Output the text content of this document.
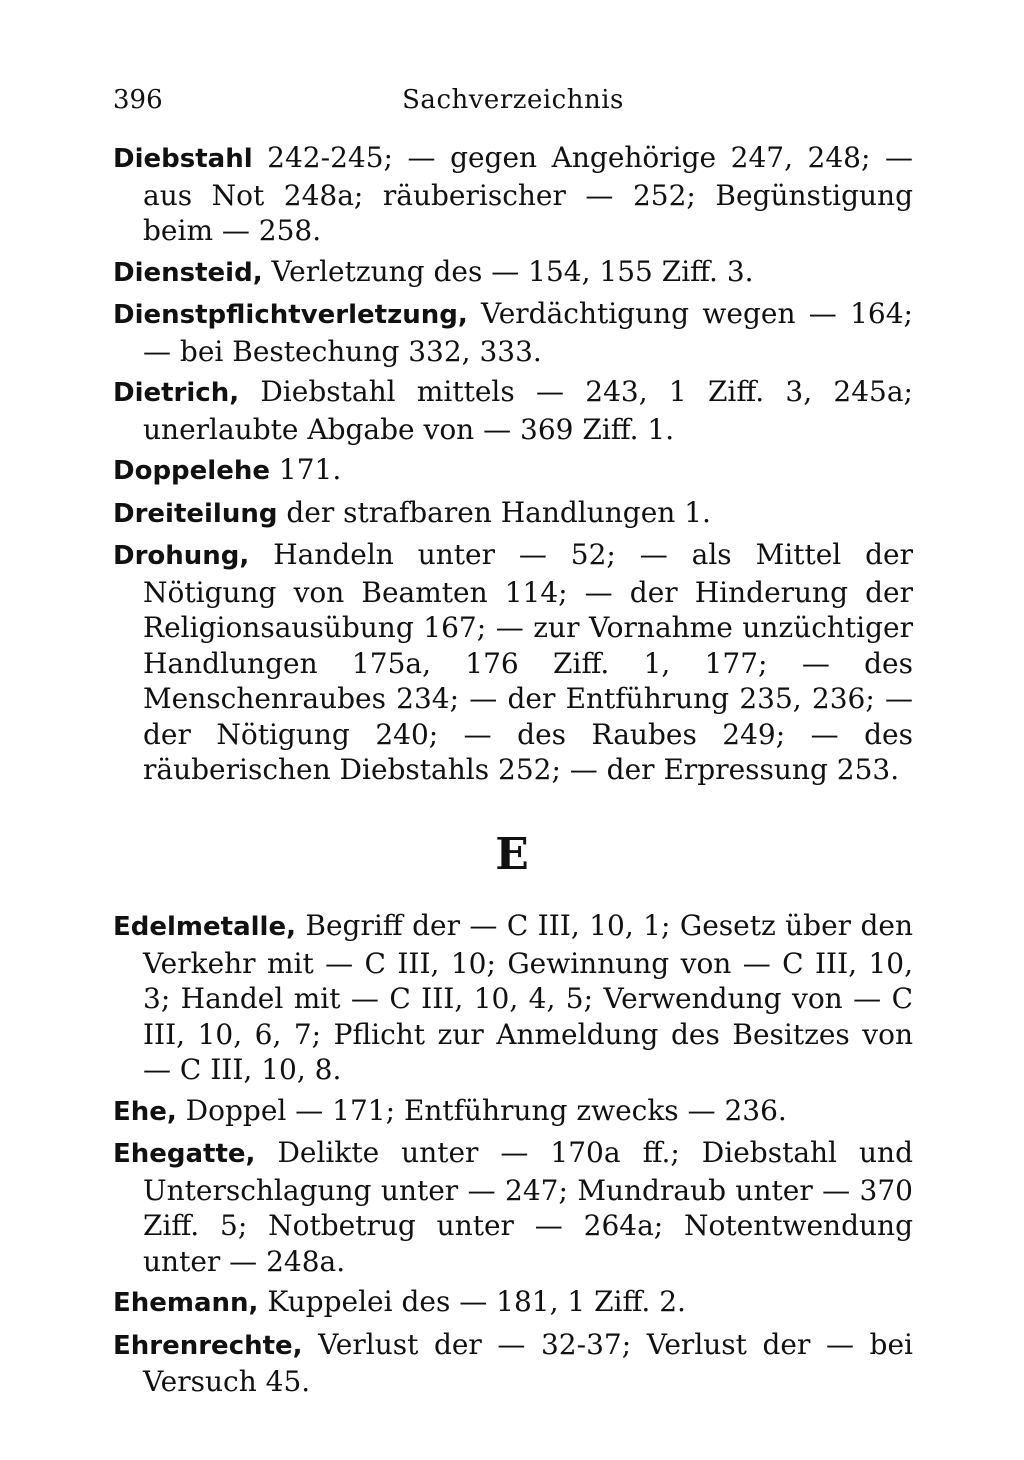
396	Sachverzeichnis

Diebstahl 242-245; — gegen Angehörige 247, 248; — aus Not 248a; räuberischer — 252; Begünstigung beim — 258.

Diensteid, Verletzung des — 154, 155 Ziff. 3.

Dienstpflichtverletzung, Verdächtigung wegen — 164; — bei Bestechung 332, 333.

Dietrich, Diebstahl mittels — 243, 1 Ziff. 3, 245a; unerlaubte Abgabe von — 369 Ziff. 1.

Doppelehe 171.

Dreiteilung der strafbaren Handlungen 1.

Drohung, Handeln unter — 52; — als Mittel der Nötigung von Beamten 114; — der Hinderung der Religionsausübung 167; — zur Vornahme unzüchtiger Handlungen 175a, 176 Ziff. 1, 177; — des Menschenraubes 234; — der Entführung 235, 236; — der Nötigung 240; — des Raubes 249; — des räuberischen Diebstahls 252; — der Erpressung 253.

E

Edelmetalle, Begriff der — C III, 10, 1; Gesetz über den Verkehr mit — C III, 10; Gewinnung von — C III, 10, 3; Handel mit — C III, 10, 4, 5; Verwendung von — C III, 10, 6, 7; Pflicht zur Anmeldung des Besitzes von — C III, 10, 8.

Ehe, Doppel — 171; Entführung zwecks — 236.

Ehegatte, Delikte unter — 170a ff.; Diebstahl und Unterschlagung unter — 247; Mundraub unter — 370 Ziff. 5; Notbetrug unter — 264a; Notentwendung unter — 248a.

Ehemann, Kuppelei des — 181, 1 Ziff. 2.

Ehrenrechte, Verlust der — 32-37; Verlust der — bei Versuch 45.
